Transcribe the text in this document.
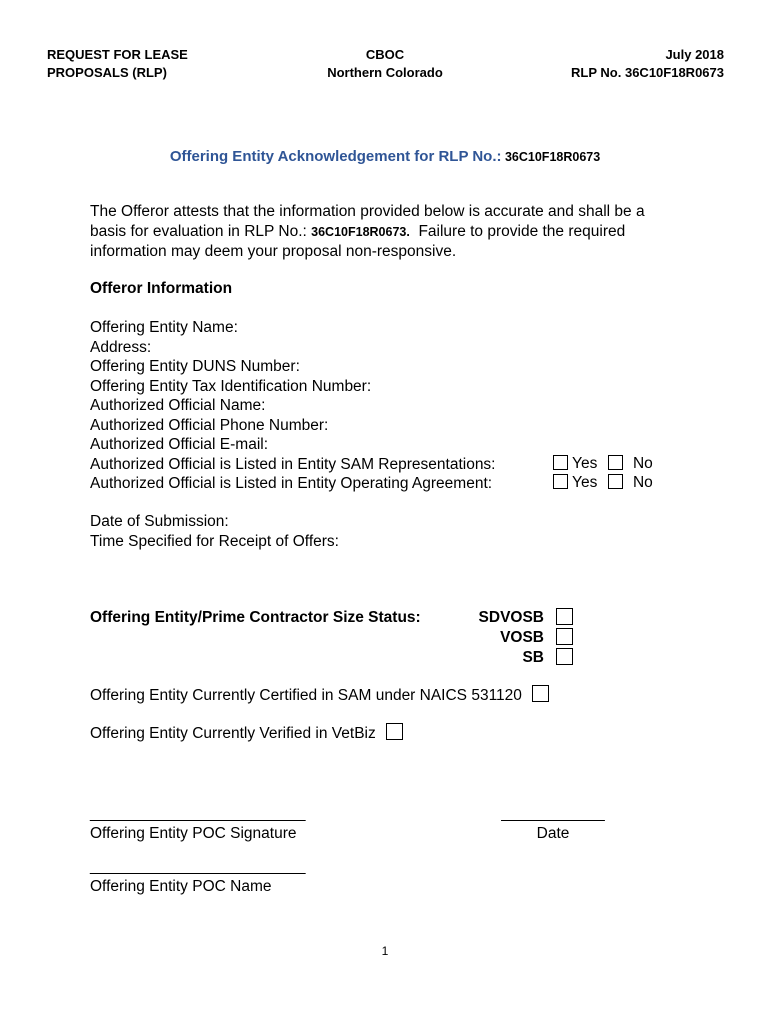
REQUEST FOR LEASE
PROPOSALS (RLP)
CBOC
Northern Colorado
July 2018
RLP No. 36C10F18R0673
Offering Entity Acknowledgement for RLP No.: 36C10F18R0673
The Offeror attests that the information provided below is accurate and shall be a
basis for evaluation in RLP No.: 36C10F18R0673.  Failure to provide the required
information may deem your proposal non-responsive.
Offeror Information
Offering Entity Name:
Address:
Offering Entity DUNS Number:
Offering Entity Tax Identification Number:
Authorized Official Name:
Authorized Official Phone Number:
Authorized Official E-mail:
Authorized Official is Listed in Entity SAM Representations:
Authorized Official is Listed in Entity Operating Agreement:
Yes No
Yes No
Date of Submission:
Time Specified for Receipt of Offers:
Offering Entity/Prime Contractor Size Status:	SDVOSB
VOSB
SB
Offering Entity Currently Certified in SAM under NAICS 531120
Offering Entity Currently Verified in VetBiz
_________________________
Offering Entity POC Signature
____________
Date
_________________________
Offering Entity POC Name
1
